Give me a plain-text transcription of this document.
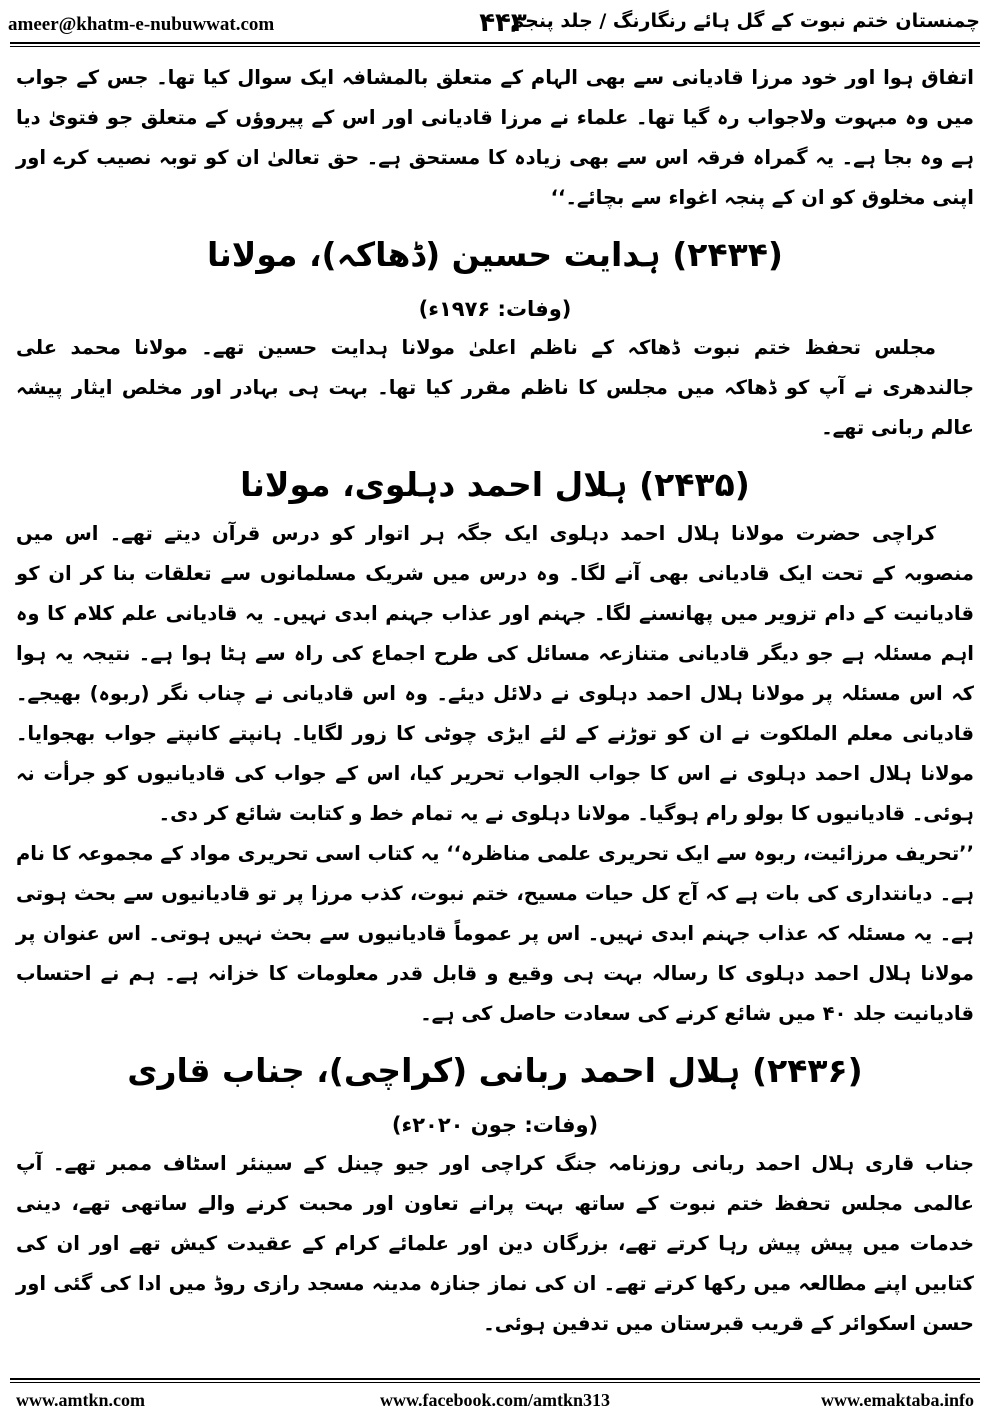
ameer@khatm-e-nubuwwat.com	۴۴۳
چمنستان ختم نبوت کے گل ہائے رنگارنگ / جلد پنجم

اتفاق ہوا اور خود مرزا قادیانی سے بھی الہام کے متعلق بالمشافہ ایک سوال کیا تھا۔ جس کے جواب میں وہ مبہوت ولاجواب رہ گیا تھا۔ علماء نے مرزا قادیانی اور اس کے پیروؤں کے متعلق جو فتویٰ دیا ہے وہ بجا ہے۔ یہ گمراہ فرقہ اس سے بھی زیادہ کا مستحق ہے۔ حق تعالیٰ ان کو توبہ نصیب کرے اور اپنی مخلوق کو ان کے پنجہ اغواء سے بچائے۔‘‘

(۲۴۳۴) ہدایت حسین (ڈھاکہ)، مولانا
(وفات: ۱۹۷۶ء)

مجلس تحفظ ختم نبوت ڈھاکہ کے ناظم اعلیٰ مولانا ہدایت حسین تھے۔ مولانا محمد علی جالندھری نے آپ کو ڈھاکہ میں مجلس کا ناظم مقرر کیا تھا۔ بہت ہی بہادر اور مخلص ایثار پیشہ عالم ربانی تھے۔

(۲۴۳۵) ہلال احمد دہلوی، مولانا

کراچی حضرت مولانا ہلال احمد دہلوی ایک جگہ ہر اتوار کو درس قرآن دیتے تھے۔ اس میں منصوبہ کے تحت ایک قادیانی بھی آنے لگا۔ وہ درس میں شریک مسلمانوں سے تعلقات بنا کر ان کو قادیانیت کے دام تزویر میں پھانسنے لگا۔ جہنم اور عذاب جہنم ابدی نہیں۔ یہ قادیانی علم کلام کا وہ اہم مسئلہ ہے جو دیگر قادیانی متنازعہ مسائل کی طرح اجماع کی راہ سے ہٹا ہوا ہے۔ نتیجہ یہ ہوا کہ اس مسئلہ پر مولانا ہلال احمد دہلوی نے دلائل دیئے۔ وہ اس قادیانی نے چناب نگر (ربوہ) بھیجے۔ قادیانی معلم الملکوت نے ان کو توڑنے کے لئے ایڑی چوٹی کا زور لگایا۔ ہانپتے کانپتے جواب بھجوایا۔ مولانا ہلال احمد دہلوی نے اس کا جواب الجواب تحریر کیا، اس کے جواب کی قادیانیوں کو جرأت نہ ہوئی۔ قادیانیوں کا بولو رام ہوگیا۔ مولانا دہلوی نے یہ تمام خط و کتابت شائع کر دی۔

’’تحریف مرزائیت، ربوہ سے ایک تحریری علمی مناظرہ‘‘ یہ کتاب اسی تحریری مواد کے مجموعہ کا نام ہے۔ دیانتداری کی بات ہے کہ آج کل حیات مسیح، ختم نبوت، کذب مرزا پر تو قادیانیوں سے بحث ہوتی ہے۔ یہ مسئلہ کہ عذاب جہنم ابدی نہیں۔ اس پر عموماً قادیانیوں سے بحث نہیں ہوتی۔ اس عنوان پر مولانا ہلال احمد دہلوی کا رسالہ بہت ہی وقیع و قابل قدر معلومات کا خزانہ ہے۔ ہم نے احتساب قادیانیت جلد ۴۰ میں شائع کرنے کی سعادت حاصل کی ہے۔

(۲۴۳۶) ہلال احمد ربانی (کراچی)، جناب قاری
(وفات: جون ۲۰۲۰ء)

جناب قاری ہلال احمد ربانی روزنامہ جنگ کراچی اور جیو چینل کے سینئر اسٹاف ممبر تھے۔ آپ عالمی مجلس تحفظ ختم نبوت کے ساتھ بہت پرانے تعاون اور محبت کرنے والے ساتھی تھے، دینی خدمات میں پیش پیش رہا کرتے تھے، بزرگان دین اور علمائے کرام کے عقیدت کیش تھے اور ان کی کتابیں اپنے مطالعہ میں رکھا کرتے تھے۔ ان کی نماز جنازہ مدینہ مسجد رازی روڈ میں ادا کی گئی اور حسن اسکوائر کے قریب قبرستان میں تدفین ہوئی۔

www.amtkn.com	www.facebook.com/amtkn313	www.emaktaba.info
